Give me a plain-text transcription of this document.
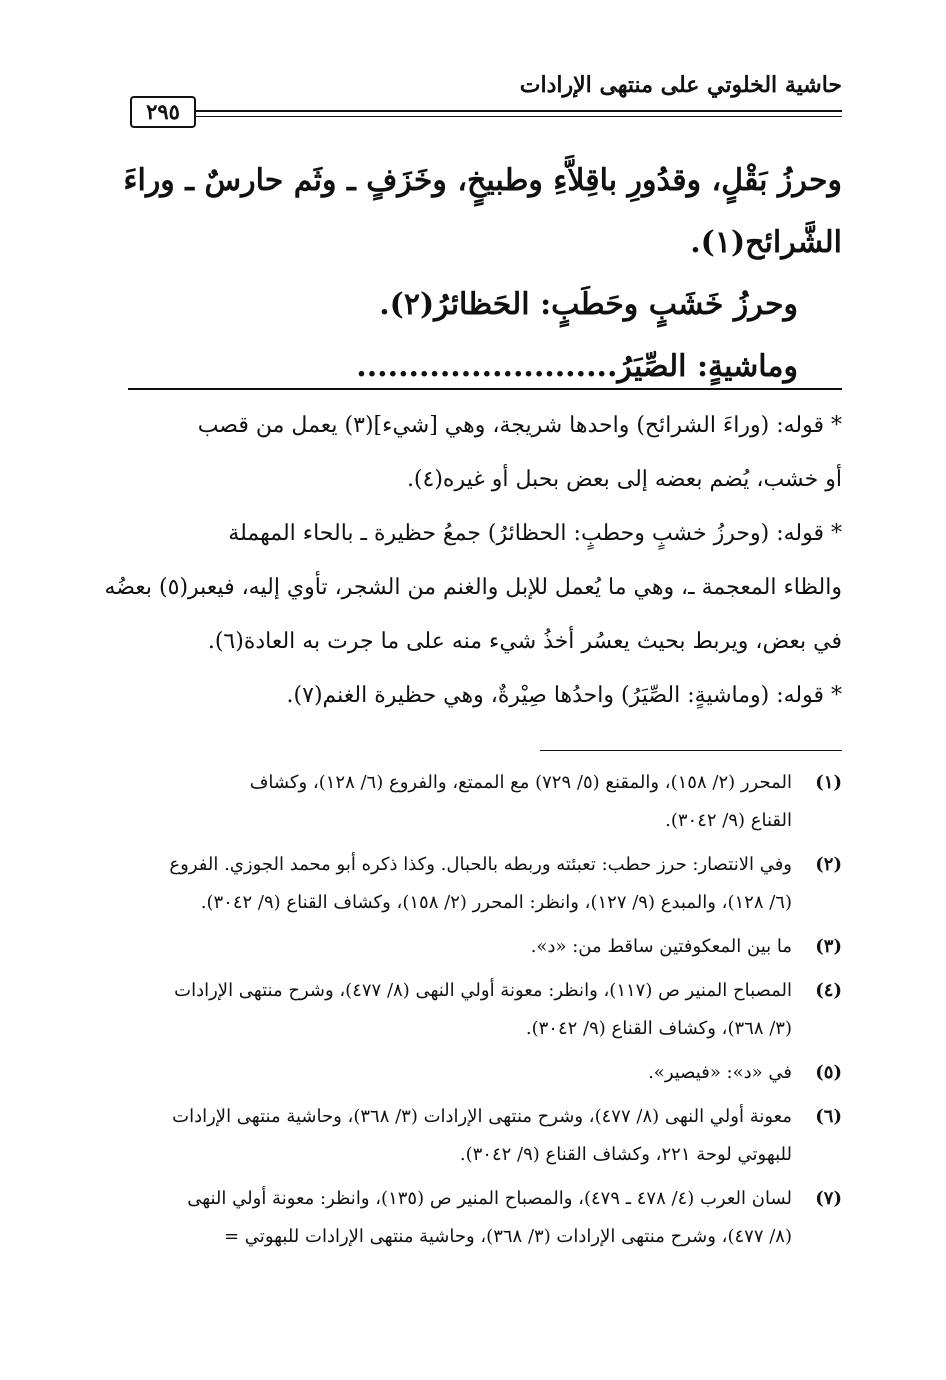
حاشية الخلوتي على منتهى الإرادات
٢٩٥

وحرزُ بَقْلٍ، وقدُورِ باقِلاَّءِ وطبيخٍ، وخَزَفٍ ـ وثَم حارسٌ ـ وراءَ

الشَّرائح(١).

وحرزُ خَشَبٍ وحَطَبٍ: الحَظائرُ(٢).

وماشيةٍ: الصِّيَرُ.........................

* قوله: (وراءَ الشرائح) واحدها شريجة، وهي [شيء](٣) يعمل من قصب

أو خشب، يُضم بعضه إلى بعض بحبل أو غيره(٤).

* قوله: (وحرزُ خشبٍ وحطبٍ: الحظائرُ) جمعُ حظيرة ـ بالحاء المهملة

والظاء المعجمة ـ، وهي ما يُعمل للإبل والغنم من الشجر، تأوي إليه، فيعبر(٥) بعضُه

في بعض، ويربط بحيث يعسُر أخذُ شيء منه على ما جرت به العادة(٦).

* قوله: (وماشيةٍ: الصِّيَرُ) واحدُها صِيْرةٌ، وهي حظيرة الغنم(٧).

(١)
المحرر (٢/ ١٥٨)، والمقنع (٥/ ٧٢٩) مع الممتع، والفروع (٦/ ١٢٨)، وكشاف
القناع (٩/ ٣٠٤٢).
(٢)
وفي الانتصار: حرز حطب: تعبئته وربطه بالحبال. وكذا ذكره أبو محمد الجوزي. الفروع
(٦/ ١٢٨)، والمبدع (٩/ ١٢٧)، وانظر: المحرر (٢/ ١٥٨)، وكشاف القناع (٩/ ٣٠٤٢).
(٣)
ما بين المعكوفتين ساقط من: «د».
(٤)
المصباح المنير ص (١١٧)، وانظر: معونة أولي النهى (٨/ ٤٧٧)، وشرح منتهى الإرادات
(٣/ ٣٦٨)، وكشاف القناع (٩/ ٣٠٤٢).
(٥)
في «د»: «فيصير».
(٦)
معونة أولي النهى (٨/ ٤٧٧)، وشرح منتهى الإرادات (٣/ ٣٦٨)، وحاشية منتهى الإرادات
للبهوتي لوحة ٢٢١، وكشاف القناع (٩/ ٣٠٤٢).
(٧)
لسان العرب (٤/ ٤٧٨ ـ ٤٧٩)، والمصباح المنير ص (١٣٥)، وانظر: معونة أولي النهى
(٨/ ٤٧٧)، وشرح منتهى الإرادات (٣/ ٣٦٨)، وحاشية منتهى الإرادات للبهوتي =
